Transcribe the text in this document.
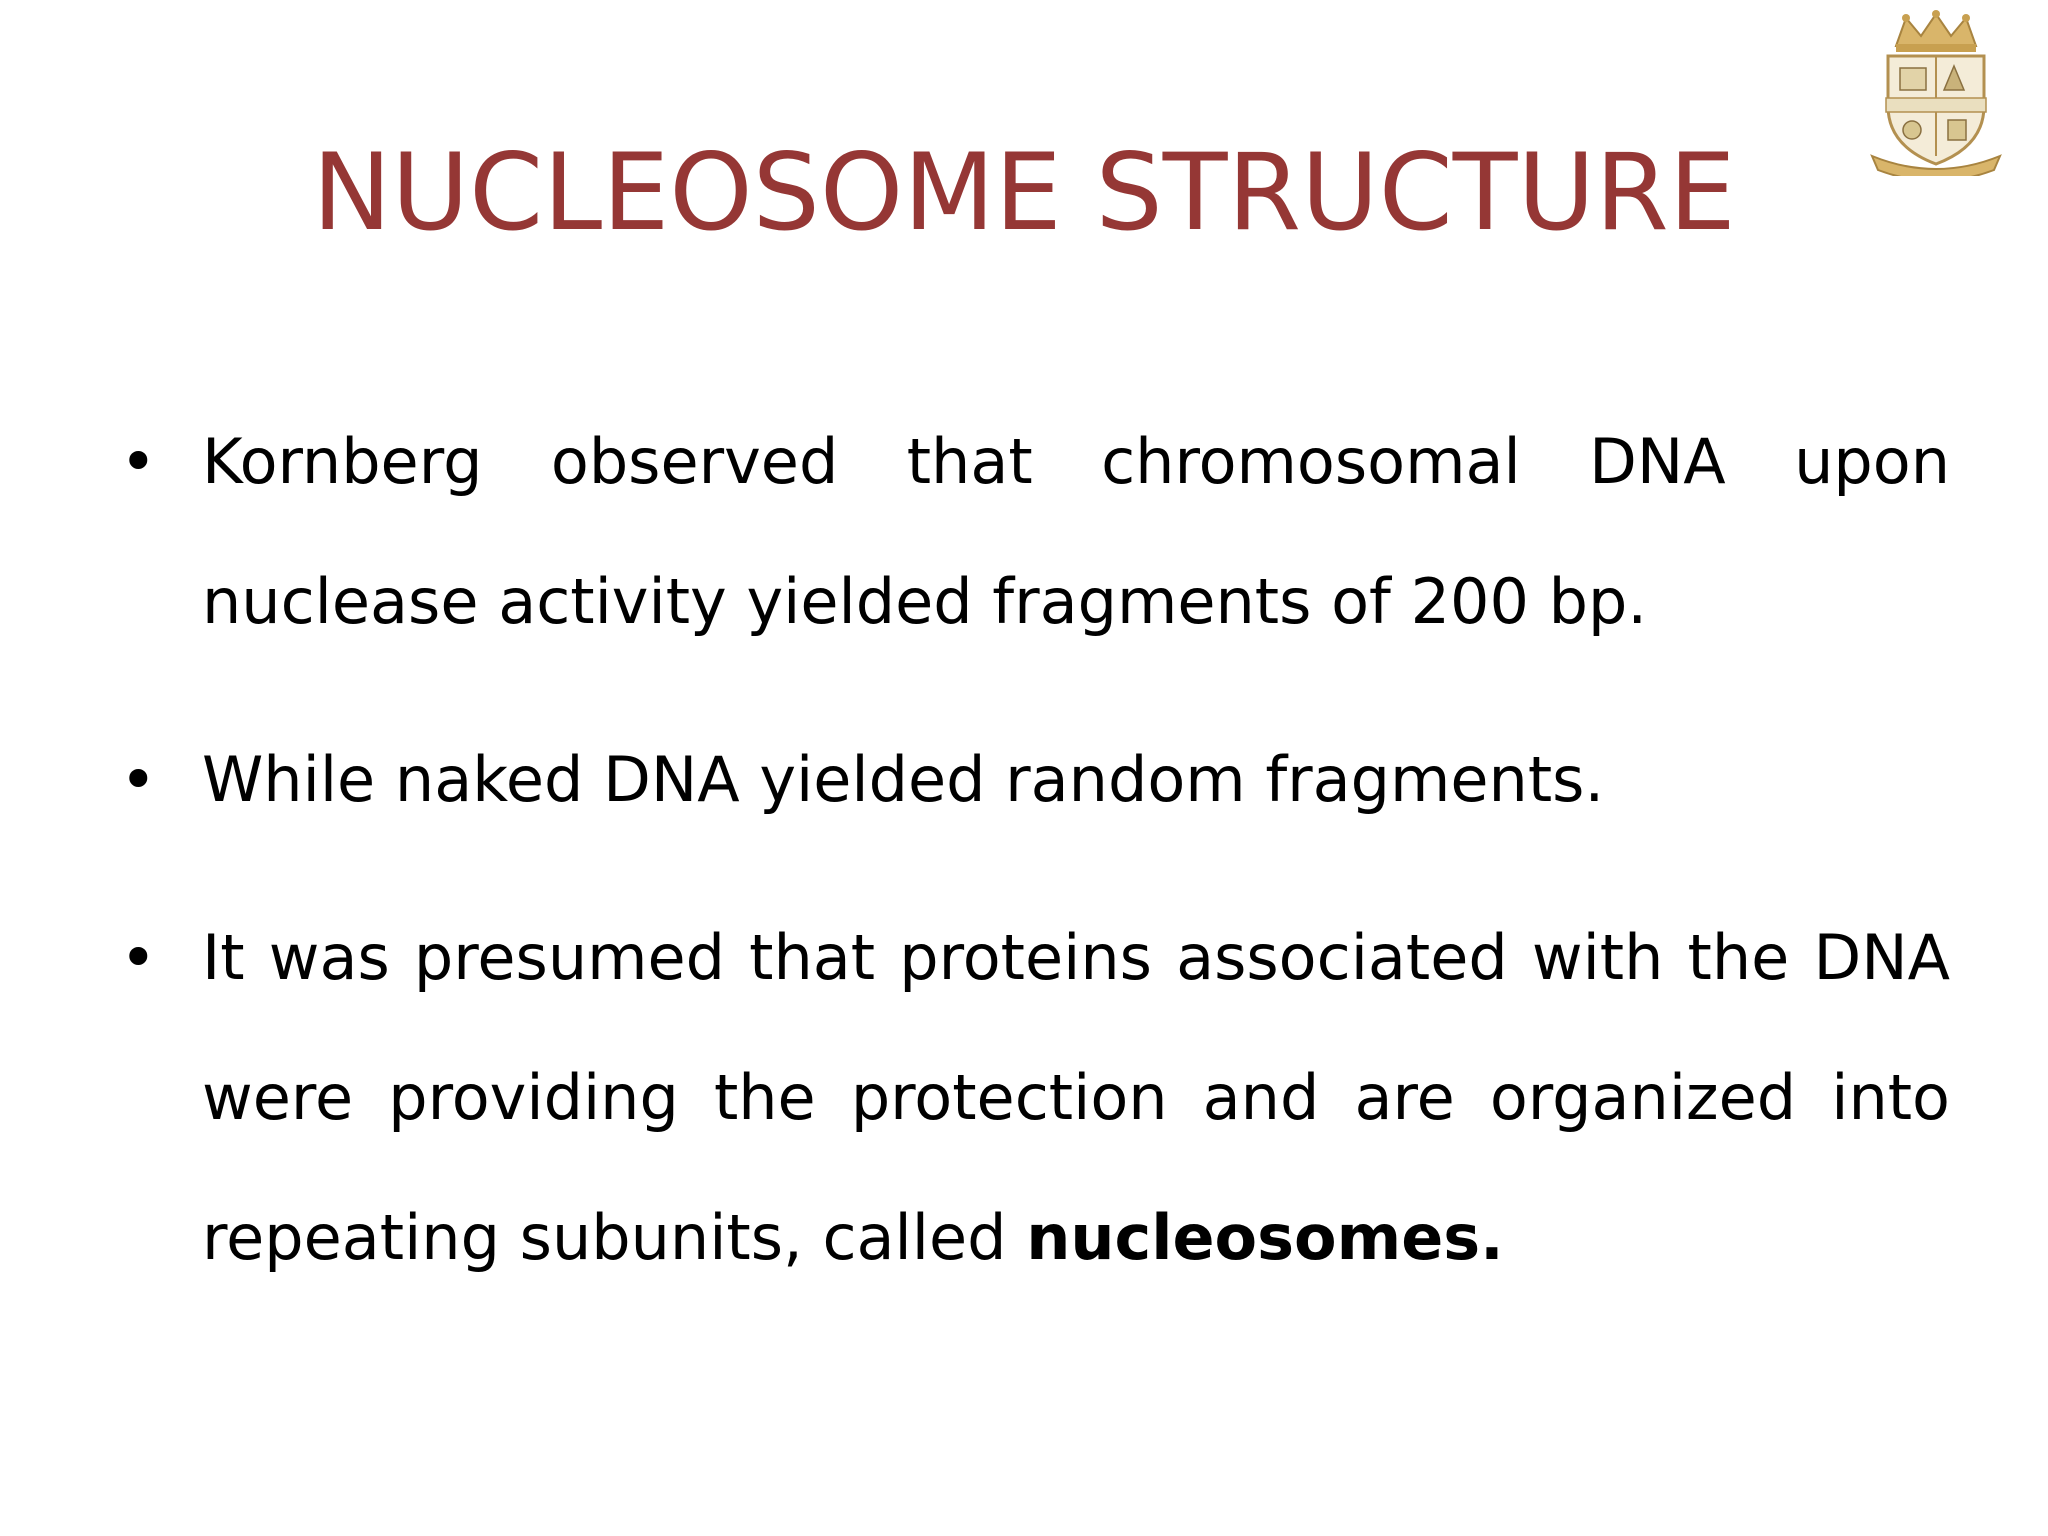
NUCLEOSOME STRUCTURE
• Kornberg observed that chromosomal DNA upon nuclease activity yielded fragments of 200 bp.
• While naked DNA yielded random fragments.
• It was presumed that proteins associated with the DNA were providing the protection and are organized into repeating subunits, called nucleosomes.
